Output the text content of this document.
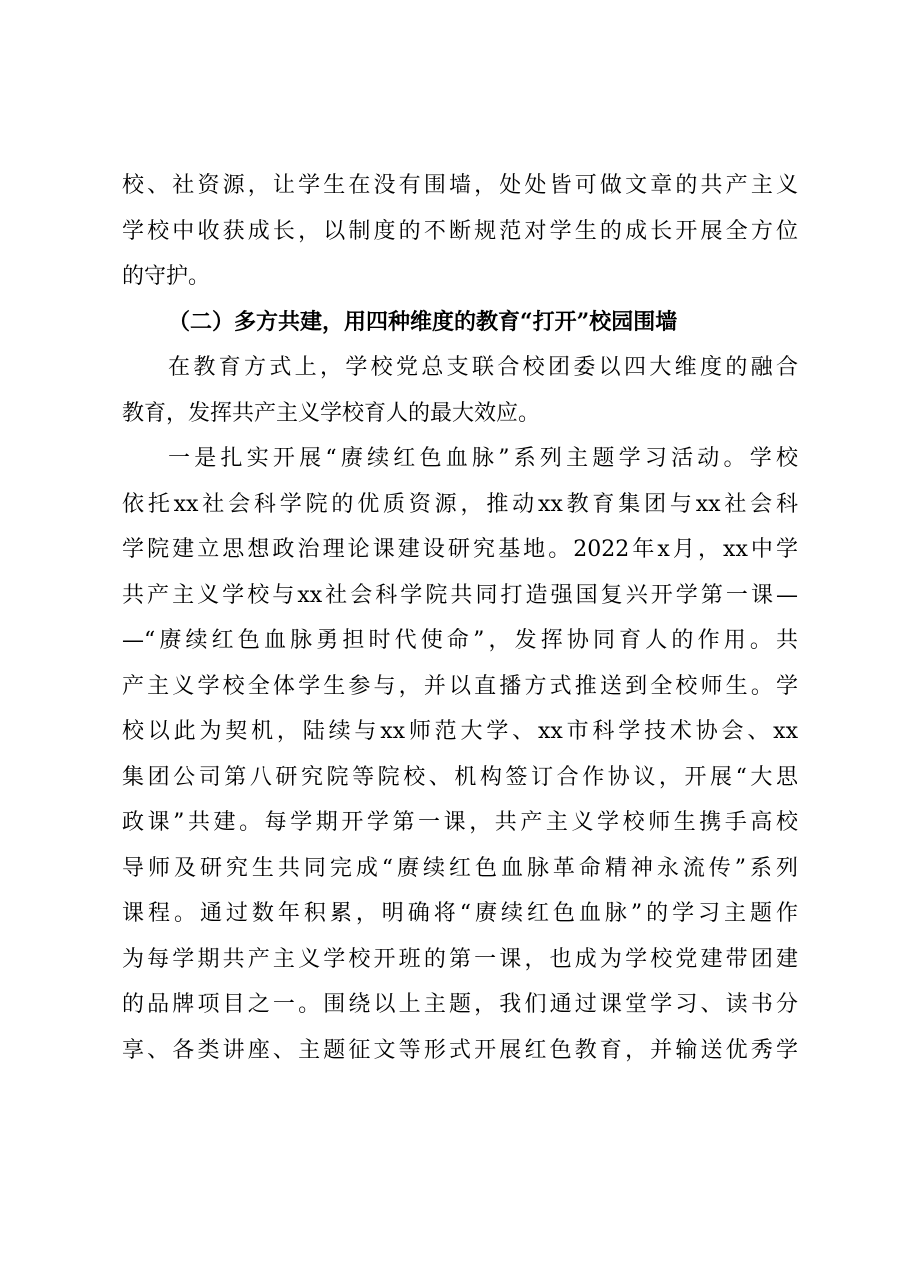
校、社资源，让学生在没有围墙，处处皆可做文章的共产主义
学校中收获成长，以制度的不断规范对学生的成长开展全方位
的守护。
（二）多方共建，用四种维度的教育“打开”校园围墙
在教育方式上，学校党总支联合校团委以四大维度的融合
教育，发挥共产主义学校育人的最大效应。
一是扎实开展“赓续红色血脉”系列主题学习活动。学校
依托xx社会科学院的优质资源，推动xx教育集团与xx社会科
学院建立思想政治理论课建设研究基地。2022年x月，xx中学
共产主义学校与xx社会科学院共同打造强国复兴开学第一课—
—“赓续红色血脉勇担时代使命”，发挥协同育人的作用。共
产主义学校全体学生参与，并以直播方式推送到全校师生。学
校以此为契机，陆续与xx师范大学、xx市科学技术协会、xx
集团公司第八研究院等院校、机构签订合作协议，开展“大思
政课”共建。每学期开学第一课，共产主义学校师生携手高校
导师及研究生共同完成“赓续红色血脉革命精神永流传”系列
课程。通过数年积累，明确将“赓续红色血脉”的学习主题作
为每学期共产主义学校开班的第一课，也成为学校党建带团建
的品牌项目之一。围绕以上主题，我们通过课堂学习、读书分
享、各类讲座、主题征文等形式开展红色教育，并输送优秀学
